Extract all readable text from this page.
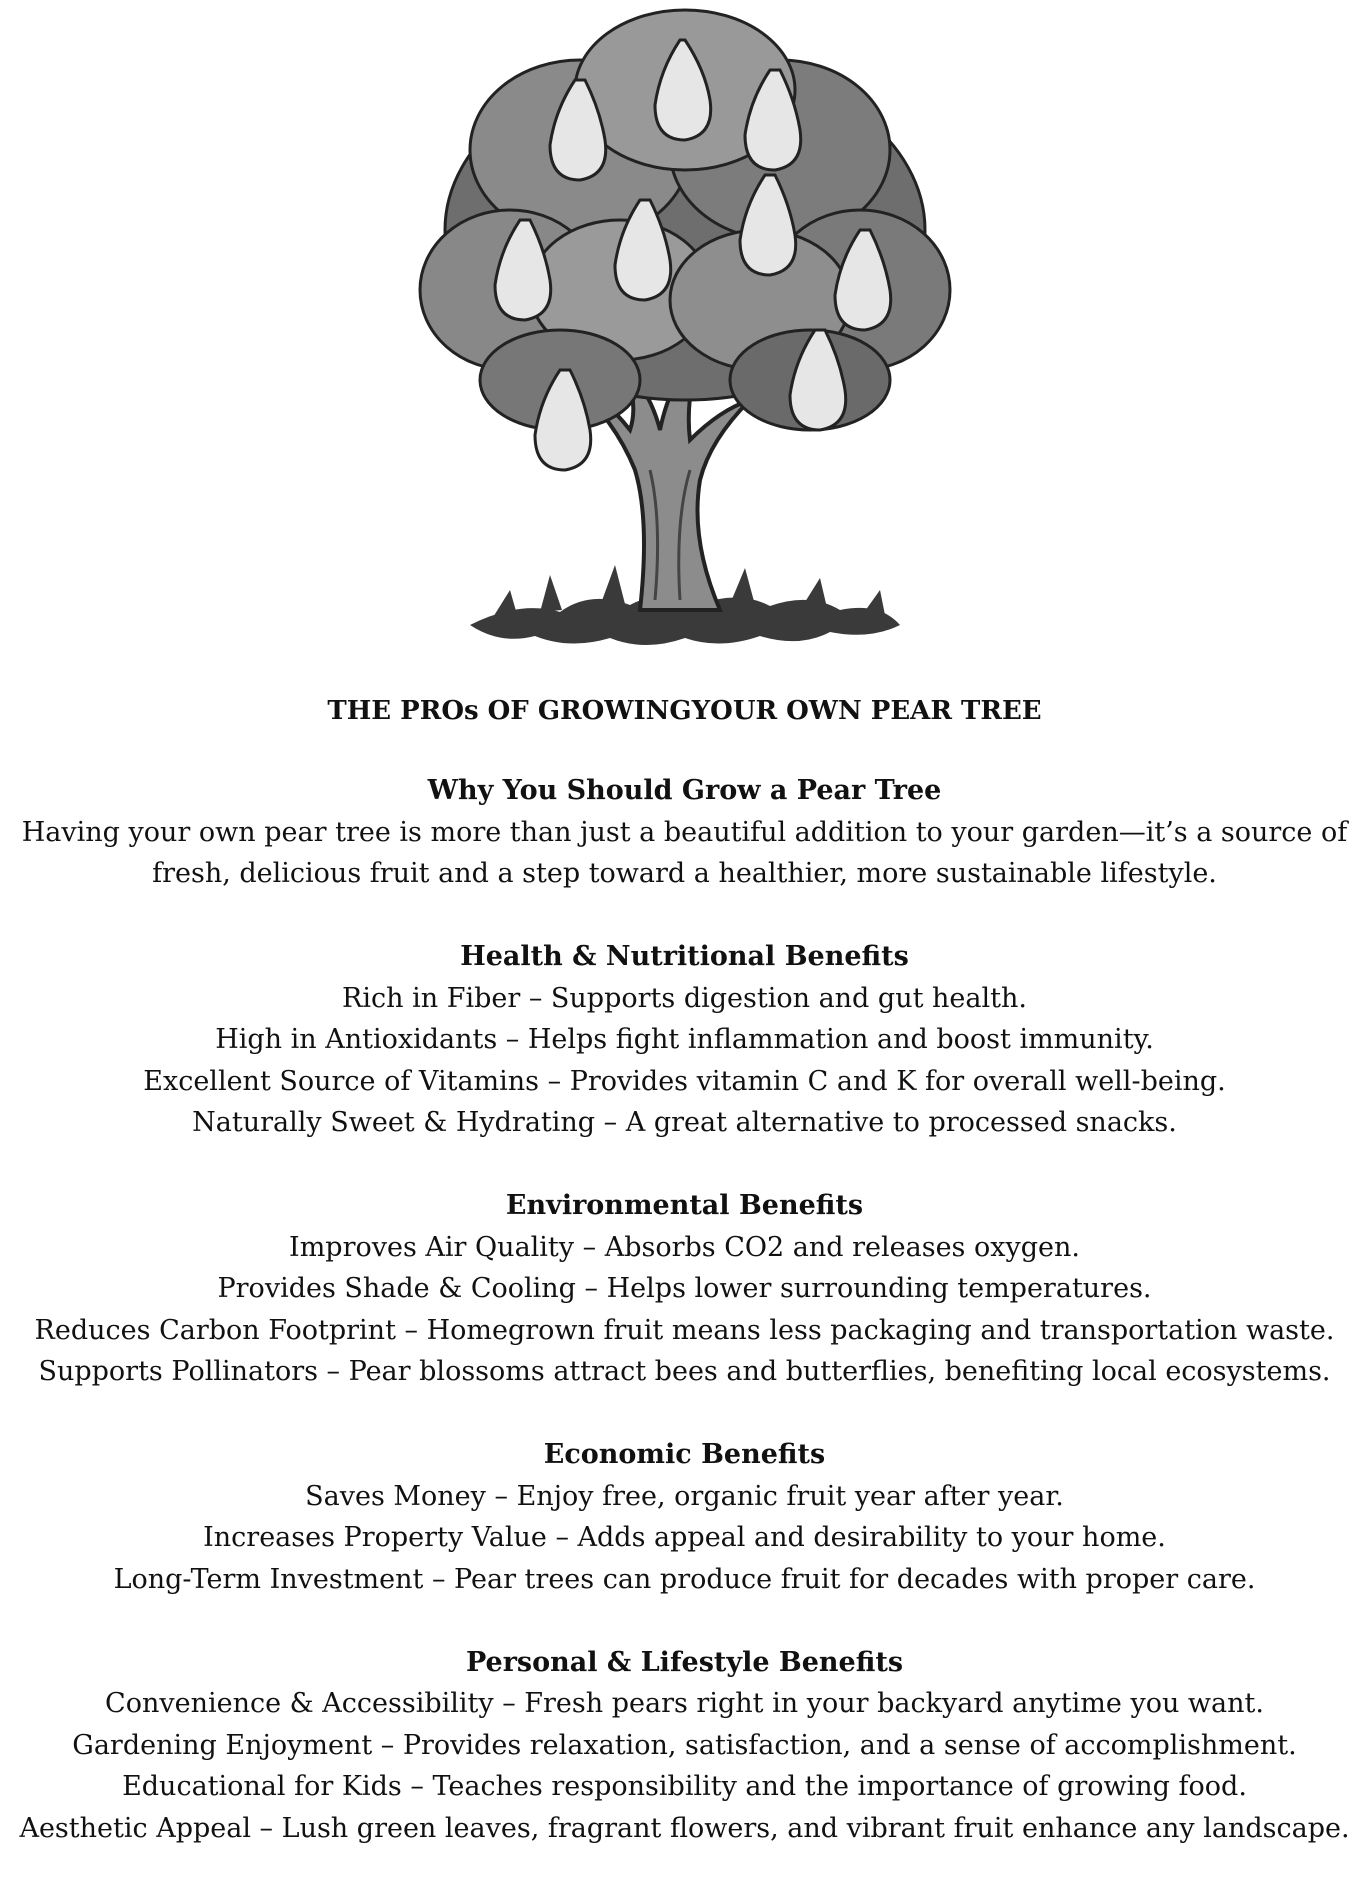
THE PROs OF GROWINGYOUR OWN PEAR TREE
Why You Should Grow a Pear Tree
Having your own pear tree is more than just a beautiful addition to your garden—it’s a source of
fresh, delicious fruit and a step toward a healthier, more sustainable lifestyle.
Health & Nutritional Benefits
Rich in Fiber – Supports digestion and gut health.
High in Antioxidants – Helps fight inflammation and boost immunity.
Excellent Source of Vitamins – Provides vitamin C and K for overall well-being.
Naturally Sweet & Hydrating – A great alternative to processed snacks.
Environmental Benefits
Improves Air Quality – Absorbs CO2 and releases oxygen.
Provides Shade & Cooling – Helps lower surrounding temperatures.
Reduces Carbon Footprint – Homegrown fruit means less packaging and transportation waste.
Supports Pollinators – Pear blossoms attract bees and butterflies, benefiting local ecosystems.
Economic Benefits
Saves Money – Enjoy free, organic fruit year after year.
Increases Property Value – Adds appeal and desirability to your home.
Long-Term Investment – Pear trees can produce fruit for decades with proper care.
Personal & Lifestyle Benefits
Convenience & Accessibility – Fresh pears right in your backyard anytime you want.
Gardening Enjoyment – Provides relaxation, satisfaction, and a sense of accomplishment.
Educational for Kids – Teaches responsibility and the importance of growing food.
Aesthetic Appeal – Lush green leaves, fragrant flowers, and vibrant fruit enhance any landscape.
